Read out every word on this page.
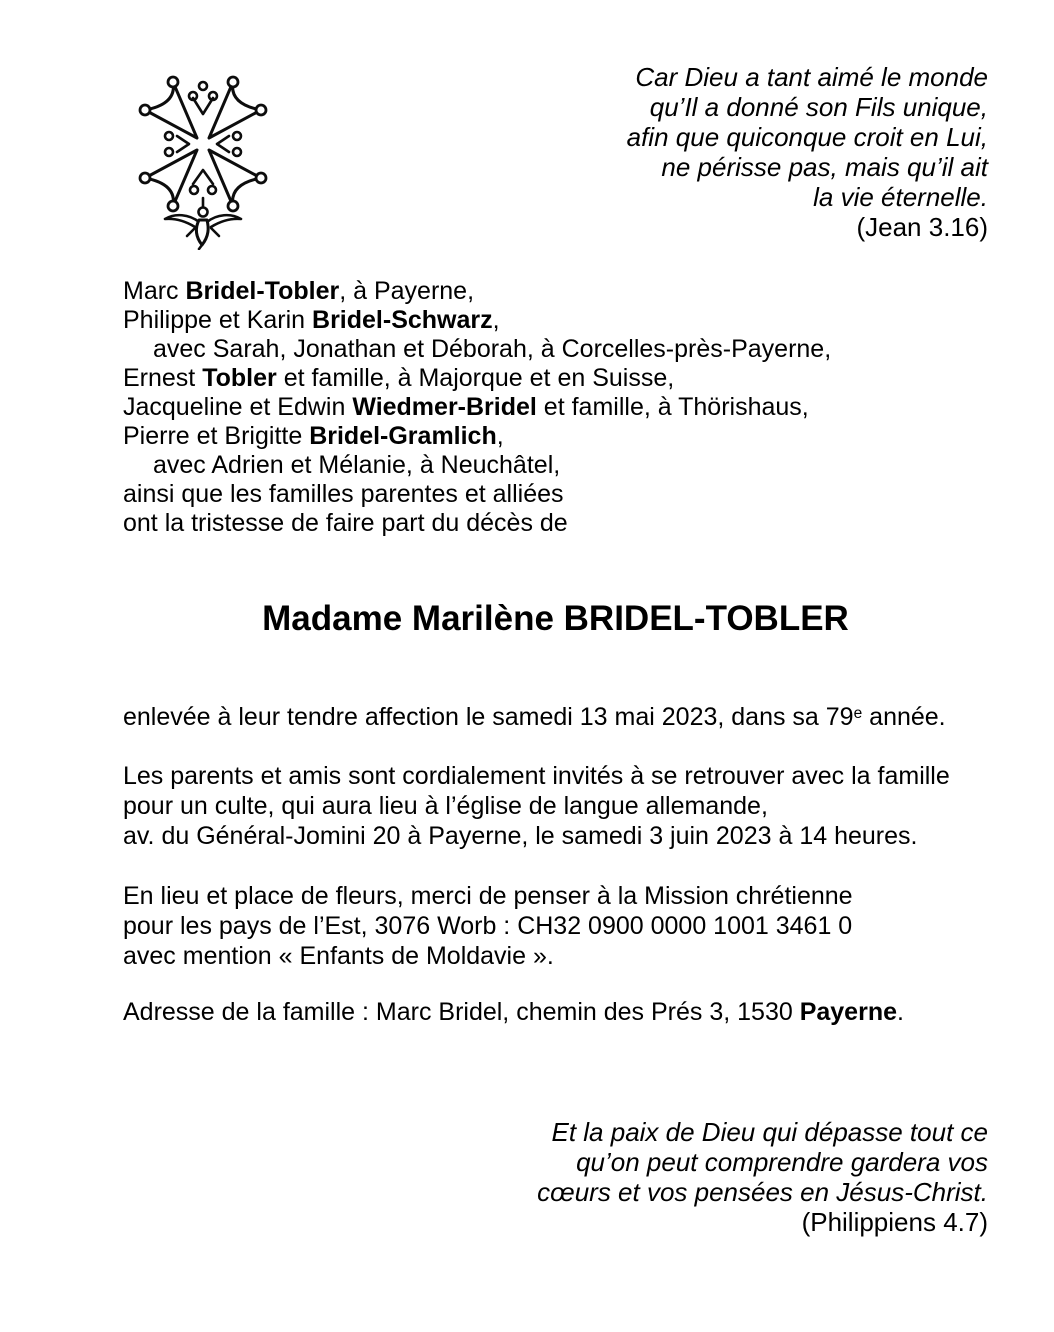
Car Dieu a tant aimé le monde
qu’Il a donné son Fils unique,
afin que quiconque croit en Lui,
ne périsse pas, mais qu’il ait
la vie éternelle.
(Jean 3.16)
Marc Bridel-Tobler, à Payerne,
Philippe et Karin Bridel-Schwarz,
avec Sarah, Jonathan et Déborah, à Corcelles-près-Payerne,
Ernest Tobler et famille, à Majorque et en Suisse,
Jacqueline et Edwin Wiedmer-Bridel et famille, à Thörishaus,
Pierre et Brigitte Bridel-Gramlich,
avec Adrien et Mélanie, à Neuchâtel,
ainsi que les familles parentes et alliées
ont la tristesse de faire part du décès de
Madame Marilène BRIDEL-TOBLER
enlevée à leur tendre affection le samedi 13 mai 2023, dans sa 79e année.
Les parents et amis sont cordialement invités à se retrouver avec la famille
pour un culte, qui aura lieu à l’église de langue allemande,
av. du Général-Jomini 20 à Payerne, le samedi 3 juin 2023 à 14 heures.
En lieu et place de fleurs, merci de penser à la Mission chrétienne
pour les pays de l’Est, 3076 Worb : CH32 0900 0000 1001 3461 0
avec mention « Enfants de Moldavie ».
Adresse de la famille : Marc Bridel, chemin des Prés 3, 1530 Payerne.
Et la paix de Dieu qui dépasse tout ce
qu’on peut comprendre gardera vos
cœurs et vos pensées en Jésus-Christ.
(Philippiens 4.7)
